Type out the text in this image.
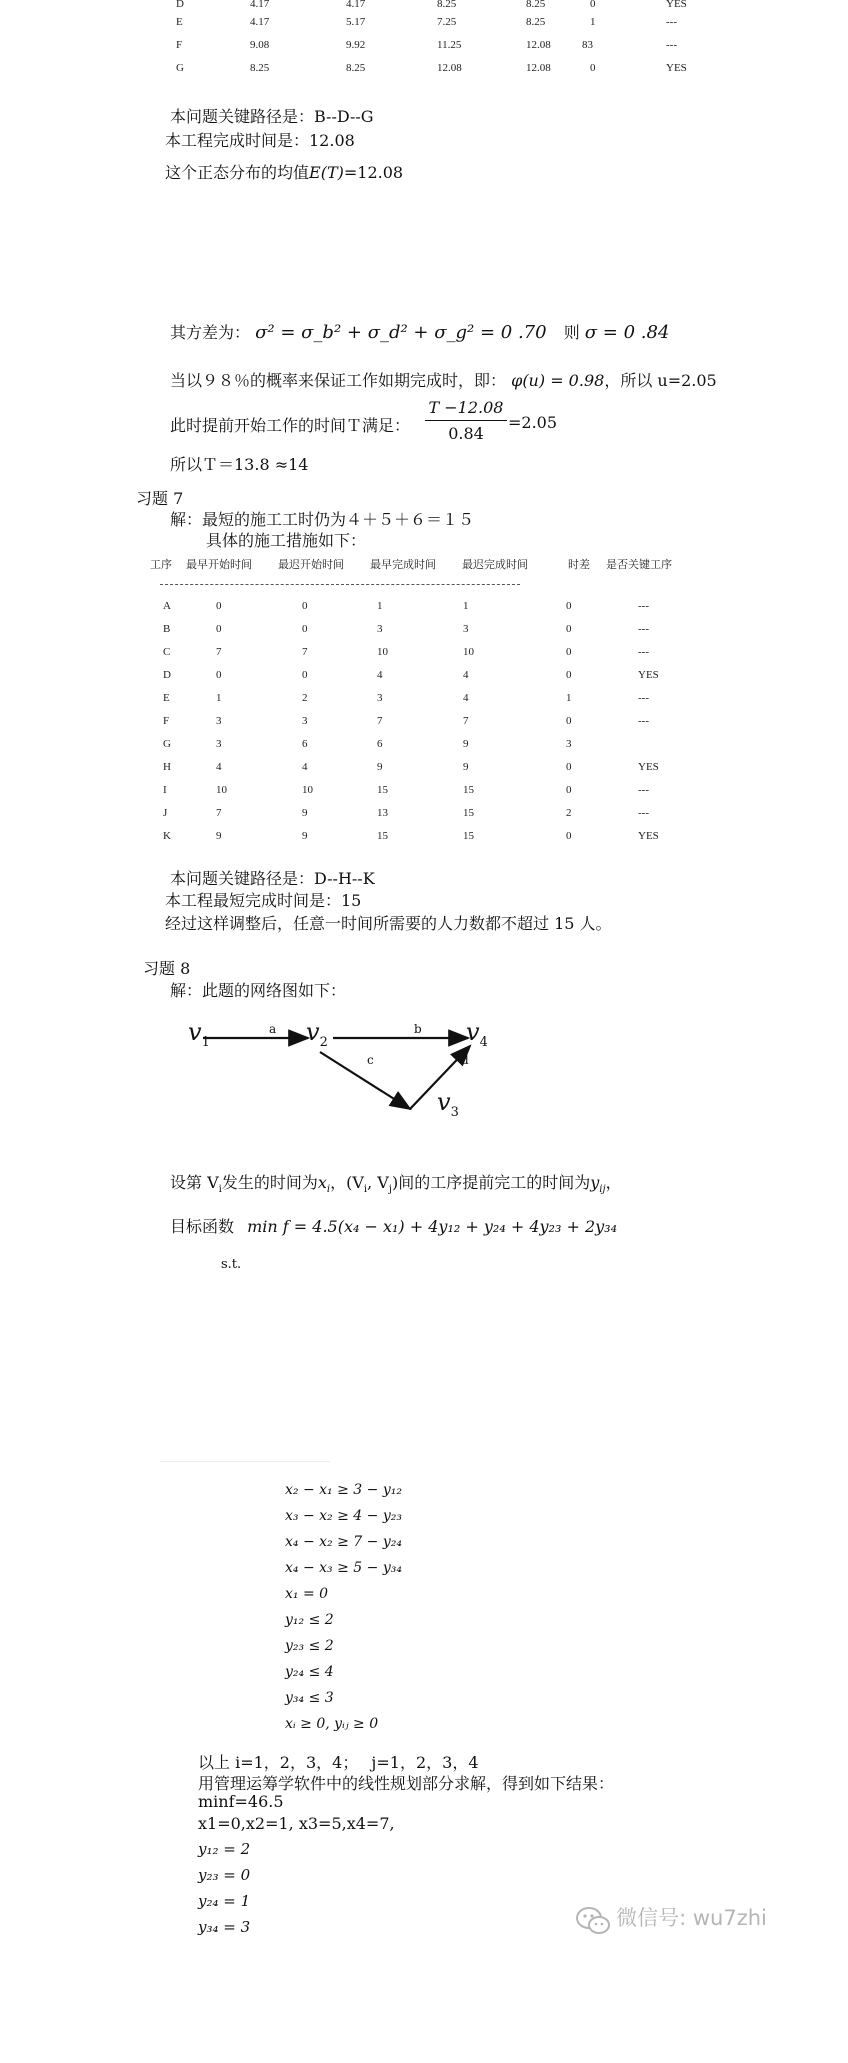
D	4.17	4.17	8.25	8.25	0	YES
E	4.17	5.17	7.25	8.25	1	---
F	9.08	9.92	11.25	12.08	83	---
G	8.25	8.25	12.08	12.08	0	YES
本问题关键路径是：B--D--G
本工程完成时间是：12.08
这个正态分布的均值E(T)=12.08
其方差为： σ² = σ_b² + σ_d² + σ_g² = 0 .70 则 σ = 0 .84
当以９８％的概率来保证工作如期完成时，即： φ(u) = 0.98，所以 u=2.05
此时提前开始工作的时间Ｔ满足：
T −12.08
0.84
=2.05
所以Ｔ＝13.8 ≈14
习题 7
解：最短的施工工时仍为４＋５＋６＝１５
具体的施工措施如下：
工序 最早开始时间 最迟开始时间 最早完成时间 最迟完成时间	时差 是否关键工序
A	0	0	1	1	0	---
B	0	0	3	3	0	---
C	7	7	10	10	0	---
D	0	0	4	4	0	YES
E	1	2	3	4	1	---
F	3	3	7	7	0	---
G	3	6	6	9	3
H	4	4	9	9	0	YES
I	10	10	15	15	0	---
J	7	9	13	15	2	---
K	9	9	15	15	0	YES
本问题关键路径是：D--H--K
本工程最短完成时间是：15
经过这样调整后，任意一时间所需要的人力数都不超过 15 人。
习题 8
解：此题的网络图如下：
$v_1$	$v_2$	$v_4$
$v_3$
a	b
c	d
设第 $V_i$发生的时间为$x_i$，($V_i$, $V_j$)间的工序提前完工的时间为$y_{ij}$，
目标函数 min f = 4.5(x₄ − x₁) + 4y₁₂ + y₂₄ + 4y₂₃ + 2y₃₄
s.t.
x₂ − x₁ ≥ 3 − y₁₂
x₃ − x₂ ≥ 4 − y₂₃
x₄ − x₂ ≥ 7 − y₂₄
x₄ − x₃ ≥ 5 − y₃₄
x₁ = 0
y₁₂ ≤ 2
y₂₃ ≤ 2
y₂₄ ≤ 4
y₃₄ ≤ 3
xᵢ ≥ 0, yᵢⱼ ≥ 0
以上 i=1，2，3，4；　 j=1，2，3，4
用管理运筹学软件中的线性规划部分求解，得到如下结果：
minf=46.5
x1=0,x2=1, x3=5,x4=7,
y₁₂ = 2
y₂₃ = 0
y₂₄ = 1
y₃₄ = 3	微信号: wu7zhi
